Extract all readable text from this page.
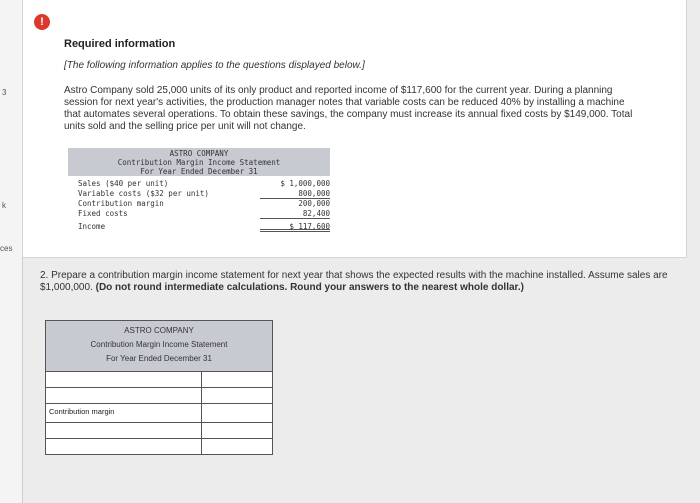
3
k
ces
!
Required information
[The following information applies to the questions displayed below.]
Astro Company sold 25,000 units of its only product and reported income of $117,600 for the current year. During a planning session for next year's activities, the production manager notes that variable costs can be reduced 40% by installing a machine that automates several operations. To obtain these savings, the company must increase its annual fixed costs by $149,000. Total units sold and the selling price per unit will not change.
ASTRO COMPANY
Contribution Margin Income Statement
For Year Ended December 31
Sales ($40 per unit)	$ 1,000,000
Variable costs ($32 per unit)	800,000
Contribution margin	200,000
Fixed costs	82,400
Income	$ 117,600
2. Prepare a contribution margin income statement for next year that shows the expected results with the machine installed. Assume sales are $1,000,000. (Do not round intermediate calculations. Round your answers to the nearest whole dollar.)
ASTRO COMPANY
Contribution Margin Income Statement
For Year Ended December 31
Contribution margin
